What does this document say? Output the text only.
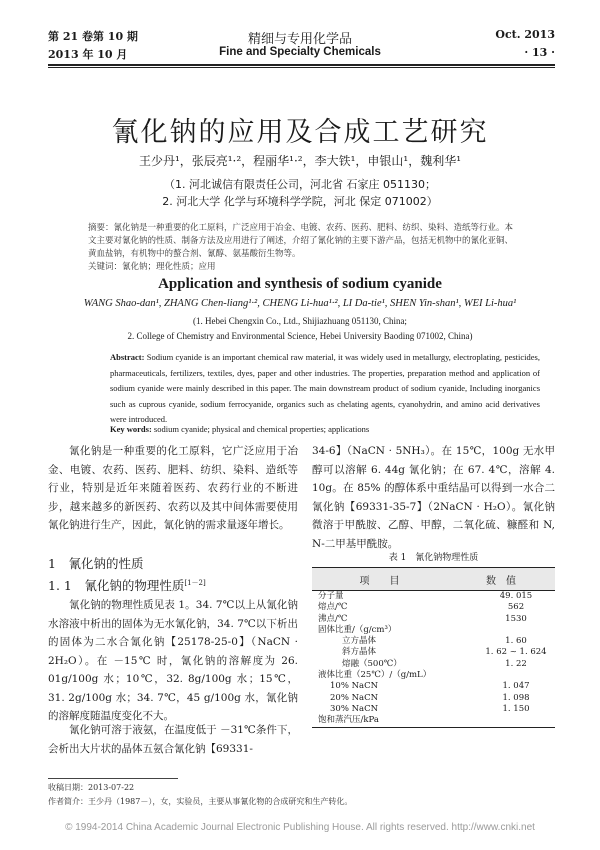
第 21 卷第 10 期
2013 年 10 月
精细与专用化学品
Fine and Specialty Chemicals
Oct. 2013
· 13 ·
氰化钠的应用及合成工艺研究
王少丹¹，张辰亮¹·²，程丽华¹·²，李大铁¹，申银山¹，魏利华¹
（1. 河北诚信有限责任公司，河北省 石家庄 051130；
2. 河北大学 化学与环境科学学院，河北 保定 071002）
摘要：氰化钠是一种重要的化工原料，广泛应用于冶金、电镀、农药、医药、肥料、纺织、染料、造纸等行业。本文主要对氰化钠的性质、制备方法及应用进行了阐述，介绍了氰化钠的主要下游产品，包括无机物中的氰化亚铜、黄血盐钠，有机物中的螯合剂、氰醇、氨基酸衍生物等。
关键词：氰化钠；理化性质；应用
Application and synthesis of sodium cyanide
WANG Shao-dan¹, ZHANG Chen-liang¹·², CHENG Li-hua¹·², LI Da-tie¹, SHEN Yin-shan¹, WEI Li-hua¹
(1. Hebei Chengxin Co., Ltd., Shijiazhuang 051130, China;
2. College of Chemistry and Environmental Science, Hebei University Baoding 071002, China)
Abstract: Sodium cyanide is an important chemical raw material, it was widely used in metallurgy, electroplating, pesticides, pharmaceuticals, fertilizers, textiles, dyes, paper and other industries. The properties, preparation method and application of sodium cyanide were mainly described in this paper. The main downstream product of sodium cyanide, Including inorganics such as cuprous cyanide, sodium ferrocyanide, organics such as chelating agents, cyanohydrin, and amino acid derivatives were introduced.
Key words: sodium cyanide; physical and chemical properties; applications
氰化钠是一种重要的化工原料，它广泛应用于冶金、电镀、农药、医药、肥料、纺织、染料、造纸等行业，特别是近年来随着医药、农药行业的不断进步，越来越多的新医药、农药以及其中间体需要使用氰化钠进行生产，因此，氰化钠的需求量逐年增长。
1　氰化钠的性质
1. 1　氰化钠的物理性质[1－2]
氰化钠的物理性质见表 1。34. 7℃以上从氰化钠水溶液中析出的固体为无水氰化钠，34. 7℃以下析出的固体为二水合氰化钠【25178-25-0】（NaCN · 2H₂O）。在 －15℃ 时，氰化钠的溶解度为 26. 01g/100g 水；10℃，32. 8g/100g 水；15℃，31. 2g/100g 水；34. 7℃，45 g/100g 水，氰化钠的溶解度随温度变化不大。
氰化钠可溶于液氨，在温度低于 －31℃条件下，会析出大片状的晶体五氨合氰化钠【69331-
34-6】（NaCN · 5NH₃）。在 15℃，100g 无水甲醇可以溶解 6. 44g 氰化钠；在 67. 4℃，溶解 4. 10g。在 85% 的醇体系中重结晶可以得到一水合二氰化钠【69331-35-7】（2NaCN · H₂O）。氰化钠微溶于甲酰胺、乙醇、甲醇，二氧化硫、糠醛和 N, N-二甲基甲酰胺。
表 1　氰化钠物理性质
项　　目	数　值
分子量	49. 015
熔点/℃	562
沸点/℃	1530
固体比重/（g/cm³）	
立方晶体	1. 60
斜方晶体	1. 62 ~ 1. 624
熔融（500℃）	1. 22
液体比重（25℃）/（g/mL）	
10% NaCN	1. 047
20% NaCN	1. 098
30% NaCN	1. 150
饱和蒸汽压/kPa	
收稿日期：2013-07-22
作者简介：王少丹（1987－），女，实验员，主要从事氰化物的合成研究和生产转化。
© 1994-2014 China Academic Journal Electronic Publishing House. All rights reserved. http://www.cnki.net
